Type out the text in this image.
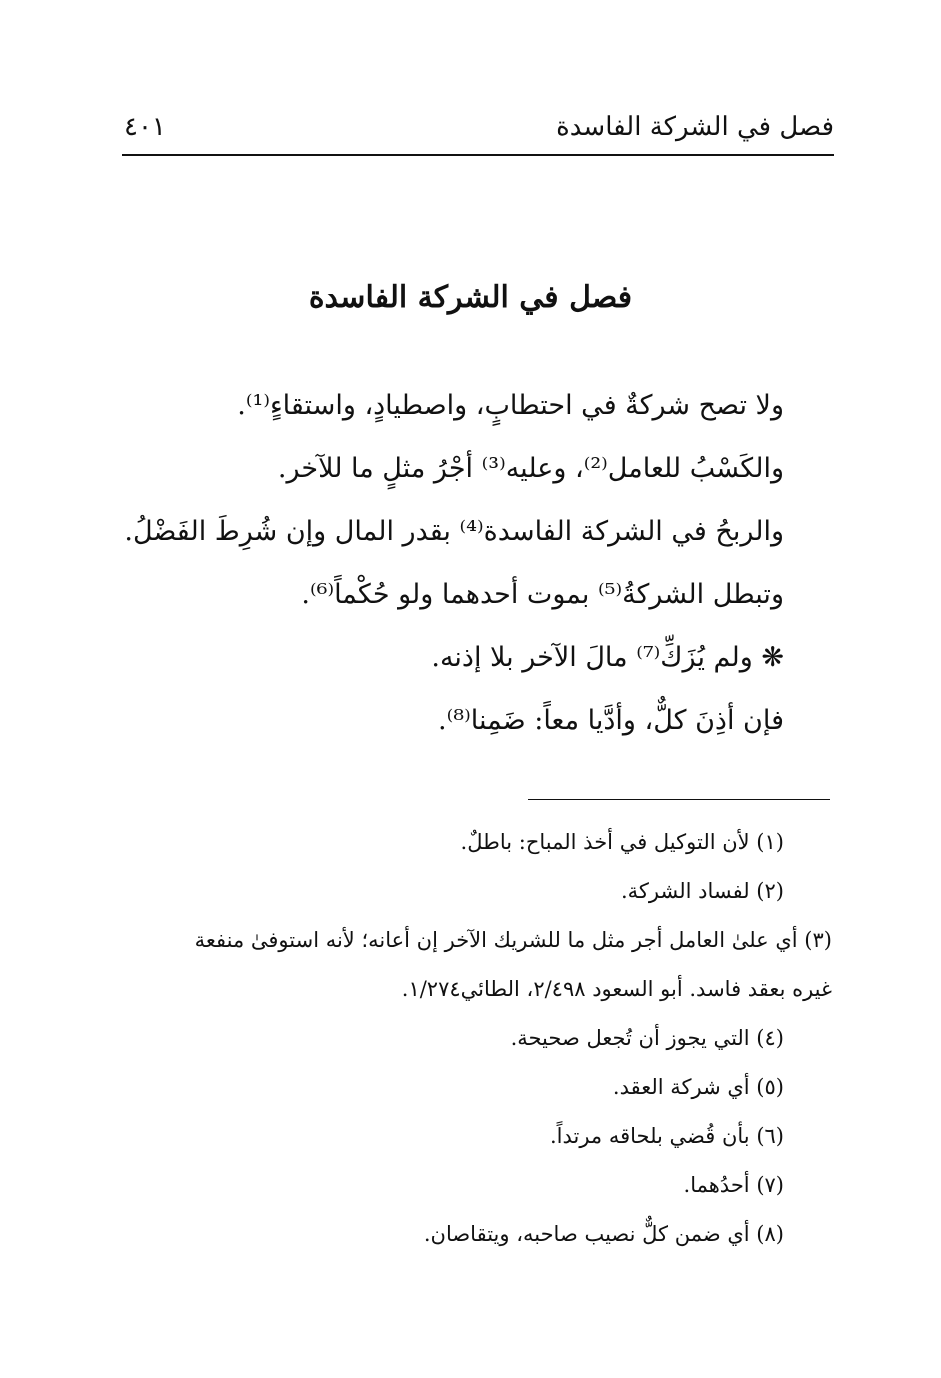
فصل في الشركة الفاسدة
٤٠١
فصل في الشركة الفاسدة
ولا تصح شركةٌ في احتطابٍ، واصطيادٍ، واستقاءٍ⁽¹⁾.
والكَسْبُ للعامل⁽²⁾، وعليه⁽³⁾ أجْرُ مثلٍ ما للآخر.
والربحُ في الشركة الفاسدة⁽⁴⁾ بقدر المال وإن شُرِطَ الفَضْلُ.
وتبطل الشركةُ⁽⁵⁾ بموت أحدهما ولو حُكْماً⁽⁶⁾.
❋ ولم يُزَكِّ⁽⁷⁾ مالَ الآخر بلا إذنه.
فإن أذِنَ كلٌّ، وأدَّيا معاً: ضَمِنا⁽⁸⁾.
(١) لأن التوكيل في أخذ المباح: باطلٌ.
(٢) لفساد الشركة.
(٣) أي علىٰ العامل أجر مثل ما للشريك الآخر إن أعانه؛ لأنه استوفىٰ منفعة
غيره بعقد فاسد. أبو السعود ٢/٤٩٨، الطائي١/٢٧٤.
(٤) التي يجوز أن تُجعل صحيحة.
(٥) أي شركة العقد.
(٦) بأن قُضي بلحاقه مرتداً.
(٧) أحدُهما.
(٨) أي ضمن كلٌّ نصيب صاحبه، ويتقاصان.
